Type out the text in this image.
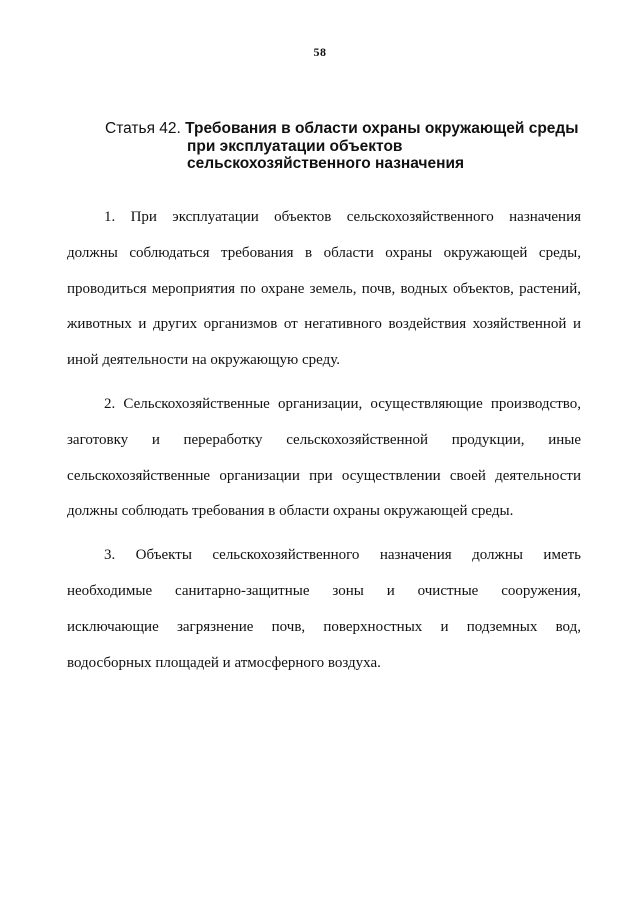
58
Статья 42. Требования в области охраны окружающей среды
при эксплуатации объектов
сельскохозяйственного назначения
1. При эксплуатации объектов сельскохозяйственного назначения
должны соблюдаться требования в области охраны окружающей среды,
проводиться мероприятия по охране земель, почв, водных объектов, растений,
животных и других организмов от негативного воздействия хозяйственной и
иной деятельности на окружающую среду.
2. Сельскохозяйственные организации, осуществляющие производство,
заготовку и переработку сельскохозяйственной продукции, иные
сельскохозяйственные организации при осуществлении своей деятельности
должны соблюдать требования в области охраны окружающей среды.
3. Объекты сельскохозяйственного назначения должны иметь
необходимые санитарно-защитные зоны и очистные сооружения,
исключающие загрязнение почв, поверхностных и подземных вод,
водосборных площадей и атмосферного воздуха.
